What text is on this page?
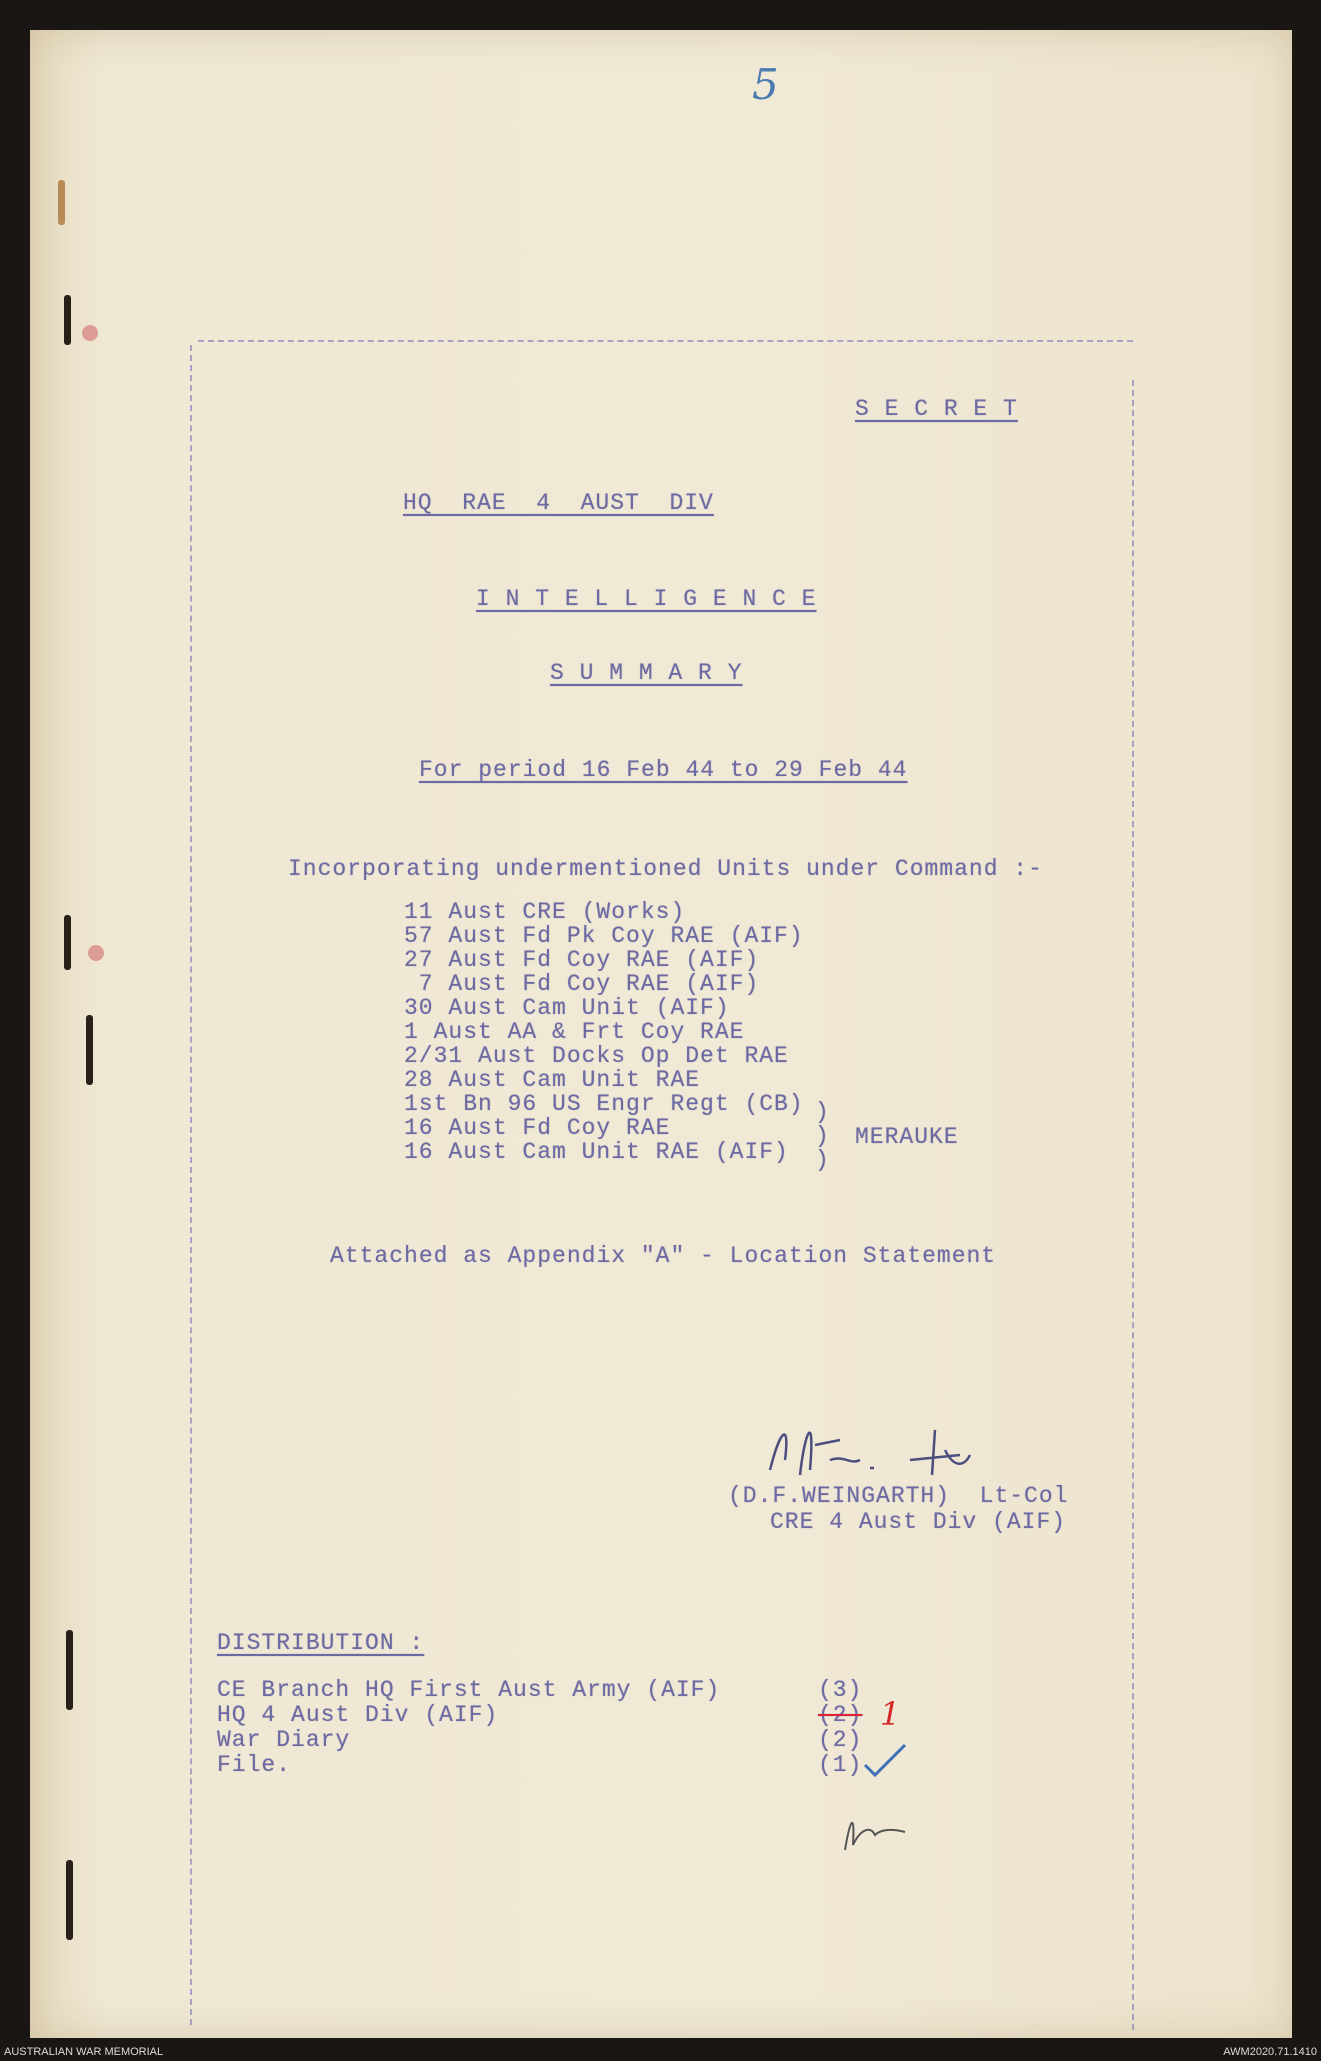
5
S E C R E T
HQ  RAE  4  AUST  DIV
I N T E L L I G E N C E
S U M M A R Y
For period 16 Feb 44 to 29 Feb 44
Incorporating undermentioned Units under Command :-
11 Aust CRE (Works)
57 Aust Fd Pk Coy RAE (AIF)
27 Aust Fd Coy RAE (AIF)
7 Aust Fd Coy RAE (AIF)
30 Aust Cam Unit (AIF)
1 Aust AA & Frt Coy RAE
2/31 Aust Docks Op Det RAE
28 Aust Cam Unit RAE
1st Bn 96 US Engr Regt (CB)
16 Aust Fd Coy RAE
16 Aust Cam Unit RAE (AIF)
)
)
)
MERAUKE
Attached as Appendix "A" - Location Statement
(D.F.WEINGARTH)  Lt-Col
CRE 4 Aust Div (AIF)
DISTRIBUTION :
CE Branch HQ First Aust Army (AIF)
HQ 4 Aust Div (AIF)
War Diary
File.
(3)
(2)
(2)
(1)
1
AUSTRALIAN WAR MEMORIAL	AWM2020.71.1410
